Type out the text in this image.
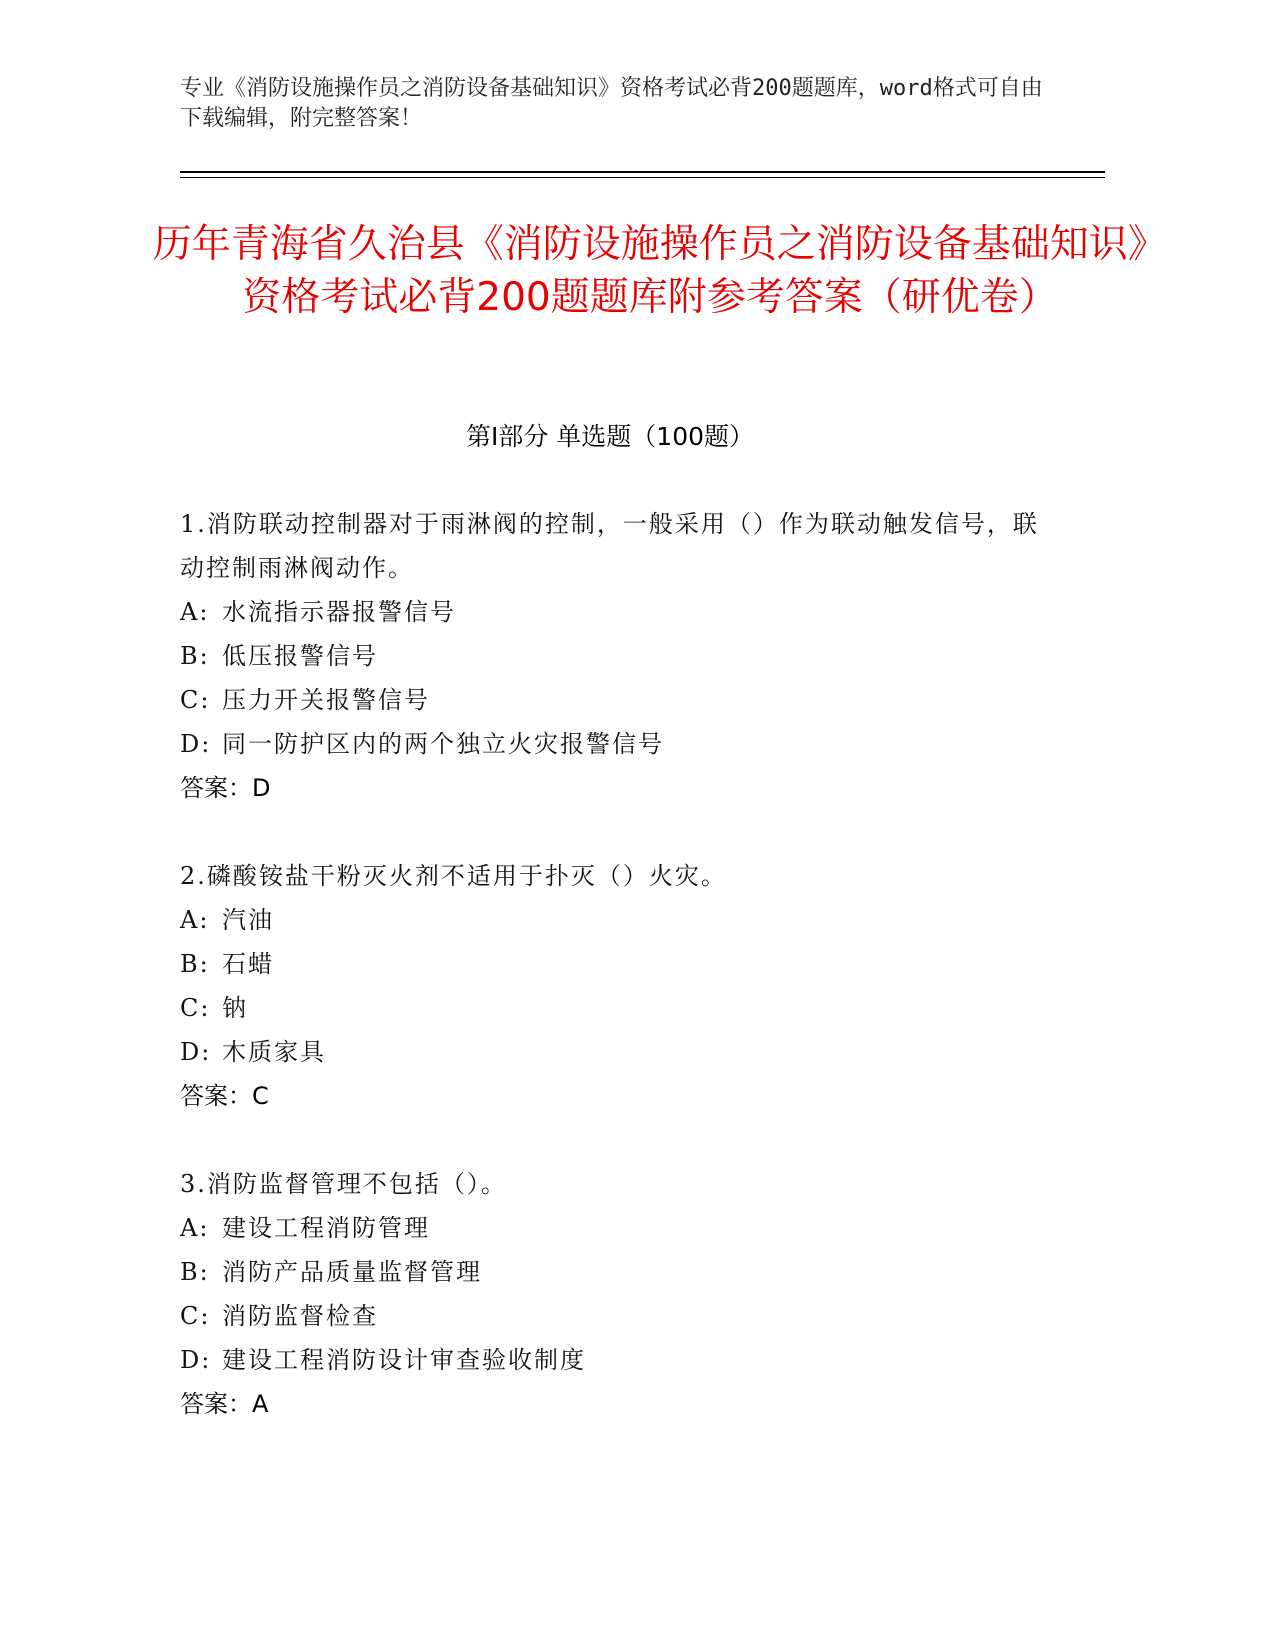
专业《消防设施操作员之消防设备基础知识》资格考试必背200题题库，word格式可自由下载编辑，附完整答案！
历年青海省久治县《消防设施操作员之消防设备基础知识》资格考试必背200题题库附参考答案（研优卷）
第Ⅰ部分 单选题（100题）
1.消防联动控制器对于雨淋阀的控制，一般采用（）作为联动触发信号，联动控制雨淋阀动作。
A: 水流指示器报警信号
B: 低压报警信号
C: 压力开关报警信号
D: 同一防护区内的两个独立火灾报警信号
答案：D
2.磷酸铵盐干粉灭火剂不适用于扑灭（）火灾。
A: 汽油
B: 石蜡
C: 钠
D: 木质家具
答案：C
3.消防监督管理不包括（）。
A: 建设工程消防管理
B: 消防产品质量监督管理
C: 消防监督检查
D: 建设工程消防设计审查验收制度
答案：A
